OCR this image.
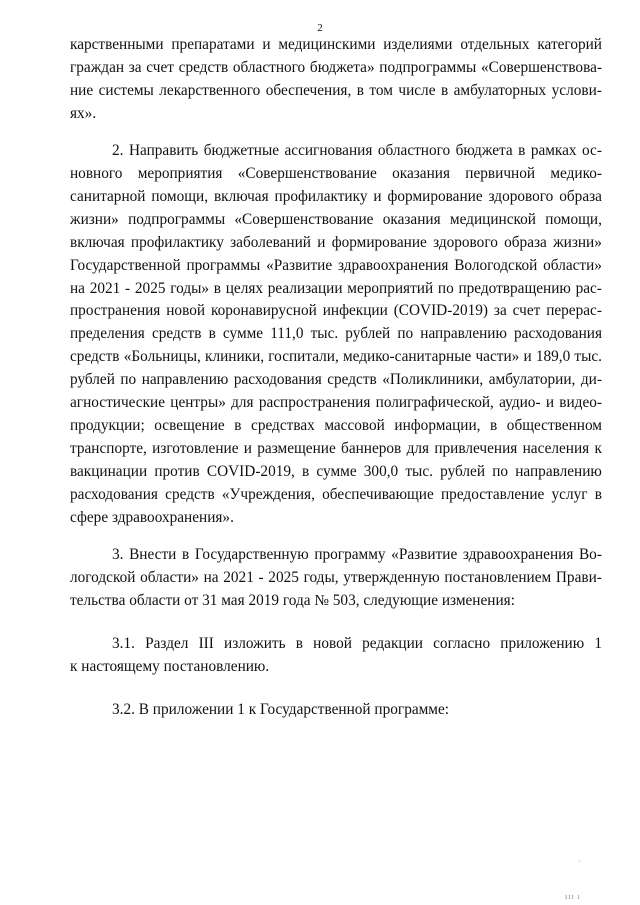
2
карственными препаратами и медицинскими изделиями отдельных категорий
граждан за счет средств областного бюджета» подпрограммы «Совершенствова-
ние системы лекарственного обеспечения, в том числе в амбулаторных услови-
ях».
2. Направить бюджетные ассигнования областного бюджета в рамках ос-
новного мероприятия «Совершенствование оказания первичной медико-
санитарной помощи, включая профилактику и формирование здорового образа
жизни» подпрограммы «Совершенствование оказания медицинской помощи,
включая профилактику заболеваний и формирование здорового образа жизни»
Государственной программы «Развитие здравоохранения Вологодской области»
на 2021 - 2025 годы» в целях реализации мероприятий по предотвращению рас-
пространения новой коронавирусной инфекции (COVID-2019) за счет перерас-
пределения средств в сумме 111,0 тыс. рублей по направлению расходования
средств «Больницы, клиники, госпитали, медико-санитарные части» и 189,0 тыс.
рублей по направлению расходования средств «Поликлиники, амбулатории, ди-
агностические центры» для распространения полиграфической, аудио- и видео-
продукции; освещение в средствах массовой информации, в общественном
транспорте, изготовление и размещение баннеров для привлечения населения к
вакцинации против COVID-2019, в сумме 300,0 тыс. рублей по направлению
расходования средств «Учреждения, обеспечивающие предоставление услуг в
сфере здравоохранения».
3. Внести в Государственную программу «Развитие здравоохранения Во-
логодской области» на 2021 - 2025 годы, утвержденную постановлением Прави-
тельства области от 31 мая 2019 года № 503, следующие изменения:
3.1. Раздел III изложить в новой редакции согласно приложению 1
к настоящему постановлению.
3.2. В приложении 1 к Государственной программе:
·
ııı ı
